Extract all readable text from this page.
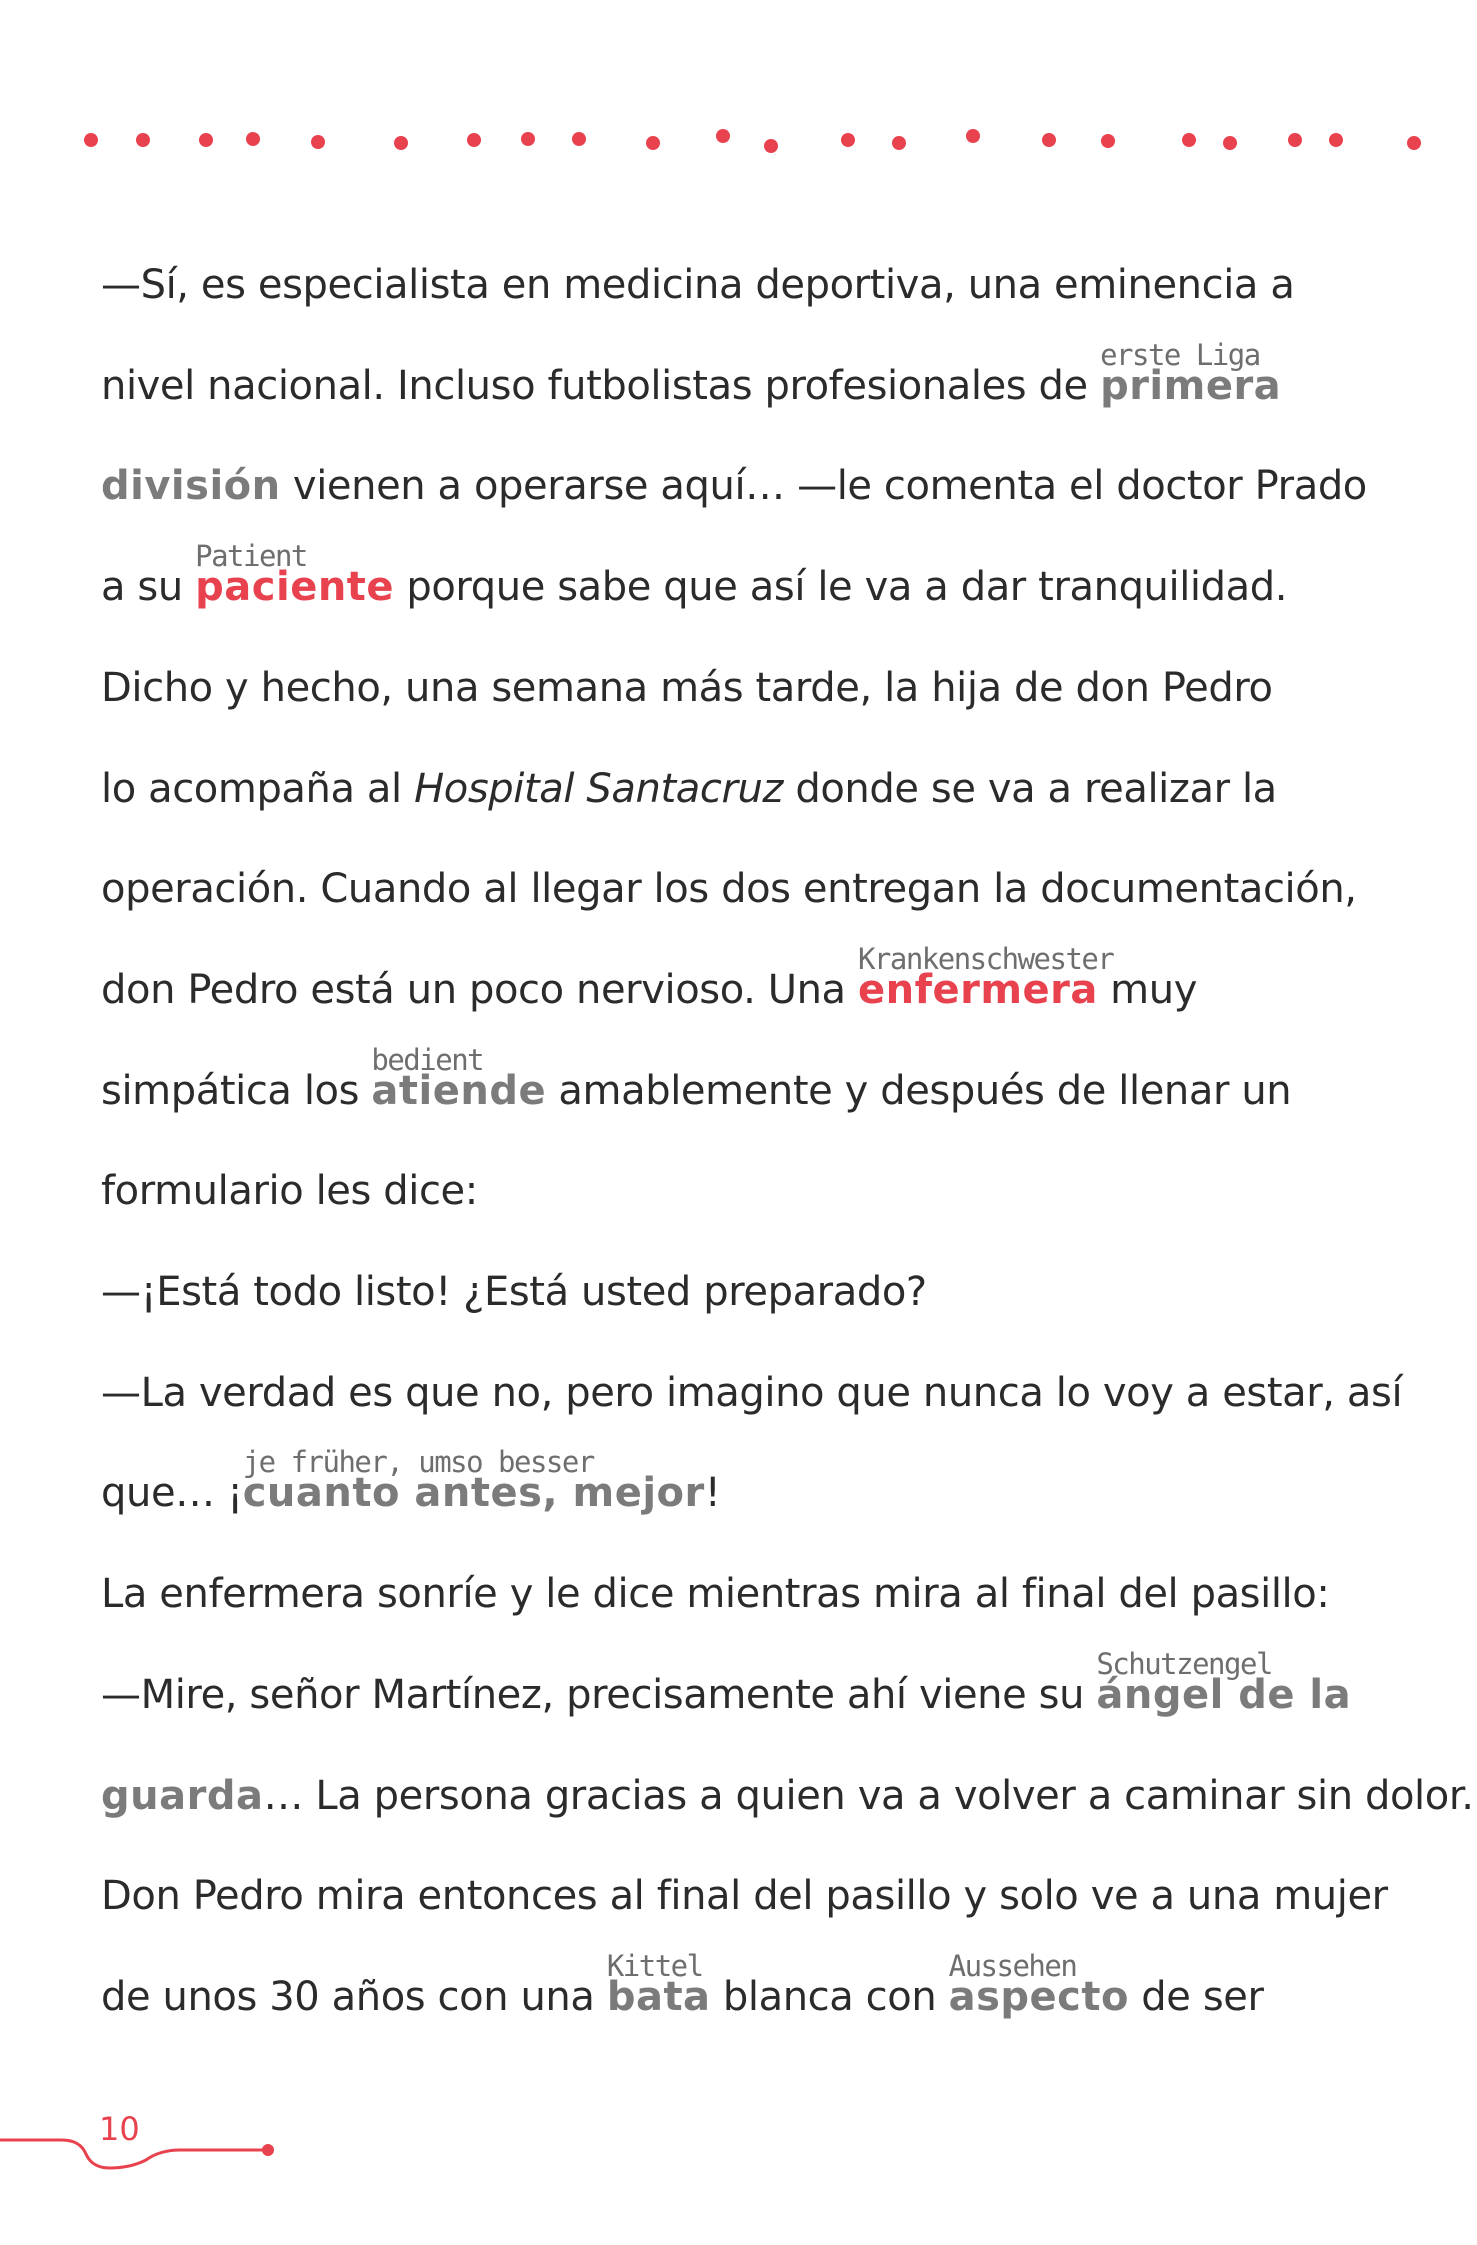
—Sí, es especialista en medicina deportiva, una eminencia a
nivel nacional. Incluso futbolistas profesionales de primera
erste Liga
división vienen a operarse aquí… —le comenta el doctor Prado
a su paciente
Patient
porque sabe que así le va a dar tranquilidad.
Dicho y hecho, una semana más tarde, la hija de don Pedro
lo acompaña al Hospital Santacruz donde se va a realizar la
operación. Cuando al llegar los dos entregan la documentación,
don Pedro está un poco nervioso. Una enfermera
Krankenschwester
muy
simpática los atiende
bedient
amablemente y después de llenar un
formulario les dice:
—¡Está todo listo! ¿Está usted preparado?
—La verdad es que no, pero imagino que nunca lo voy a estar, así
que… ¡cuanto antes, mejor
je früher, umso besser
!
La enfermera sonríe y le dice mientras mira al final del pasillo:
—Mire, señor Martínez, precisamente ahí viene su ángel de la
Schutzengel
guarda… La persona gracias a quien va a volver a caminar sin dolor.
Don Pedro mira entonces al final del pasillo y solo ve a una mujer
de unos 30 años con una bata
Kittel
blanca con aspecto
Aussehen
de ser
10
